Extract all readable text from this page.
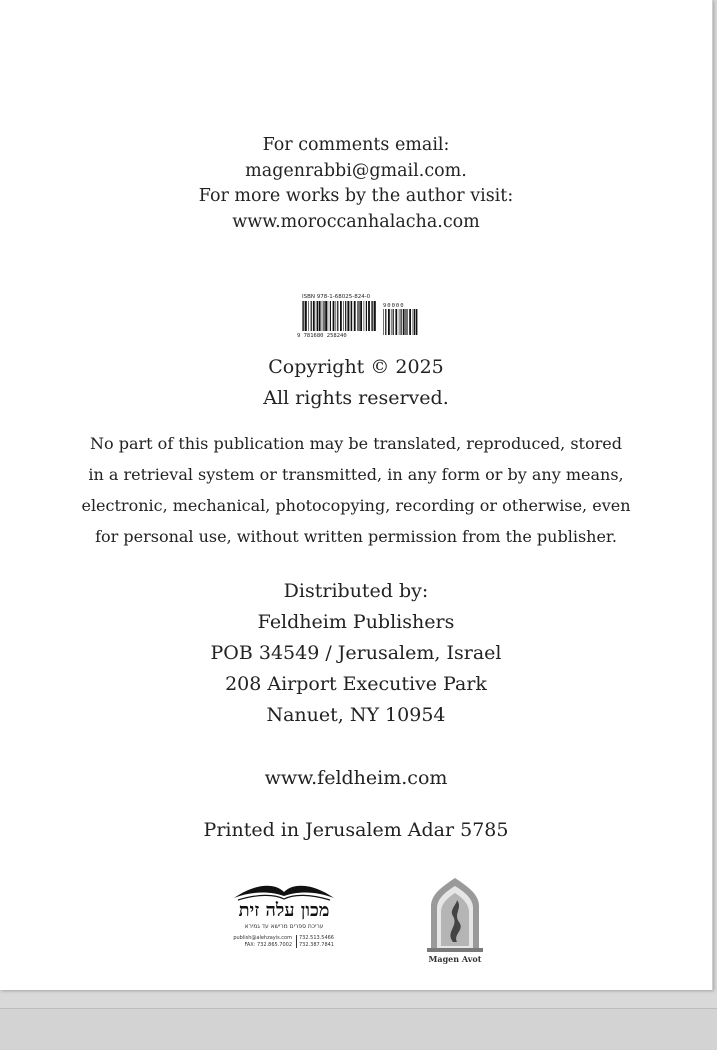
For comments email:
magenrabbi@gmail.com.
For more works by the author visit:
www.moroccanhalacha.com
ISBN 978-1-68025-824-0
90000
9 781680 258240
Copyright © 2025
All rights reserved.
No part of this publication may be translated, reproduced, stored
in a retrieval system or transmitted, in any form or by any means,
electronic, mechanical, photocopying, recording or otherwise, even
for personal use, without written permission from the publisher.
Distributed by:
Feldheim Publishers
POB 34549 / Jerusalem, Israel
208 Airport Executive Park
Nanuet, NY 10954
www.feldheim.com
Printed in Jerusalem Adar 5785
מכון עלה זית
עריכת ספרים מרישא עד גמירא
publish@alehzayis.com
FAX: 732.865.7002
732.513.5466
732.387.7841
Magen Avot
